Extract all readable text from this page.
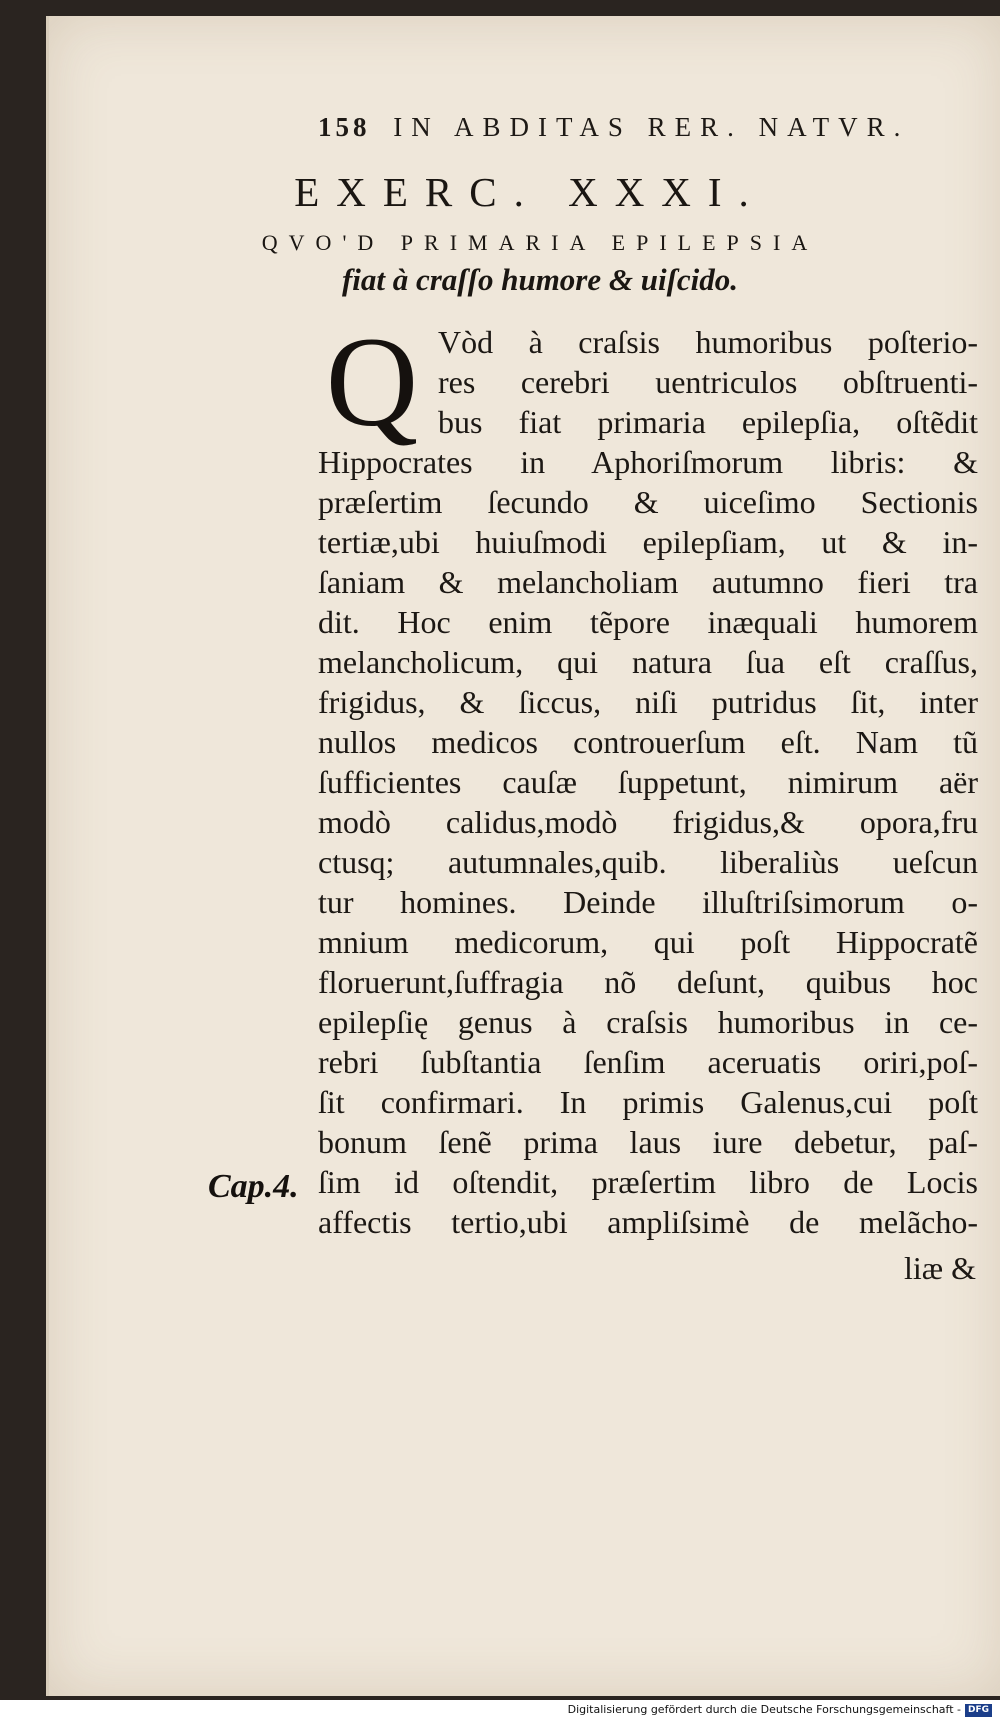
158 IN ABDITAS RER. NATVR.
EXERC. XXXI.
QVO'D PRIMARIA EPILEPSIA
fiat à craſſo humore & uiſcido.
Q Vòd à craſsis humoribus poſterio-
res cerebri uentriculos obſtruenti-
bus fiat primaria epilepſia, oſtẽdit
Hippocrates in Aphoriſmorum libris: &
præſertim ſecundo & uiceſimo Sectionis
tertiæ,ubi huiuſmodi epilepſiam, ut & in-
ſaniam & melancholiam autumno fieri tra
dit. Hoc enim tẽpore inæquali humorem
melancholicum, qui natura ſua eſt craſſus,
frigidus, & ſiccus, niſi putridus ſit, inter
nullos medicos controuerſum eſt. Nam tũ
ſufficientes cauſæ ſuppetunt, nimirum aër
modò calidus,modò frigidus,& opora,fru
ctusq; autumnales,quib. liberaliùs ueſcun
tur homines. Deinde illuſtriſsimorum o-
mnium medicorum, qui poſt Hippocratẽ
floruerunt,ſuffragia nõ deſunt, quibus hoc
epilepſię genus à craſsis humoribus in ce-
rebri ſubſtantia ſenſim aceruatis oriri,poſ-
ſit confirmari. In primis Galenus,cui poſt
bonum ſenẽ prima laus iure debetur, paſ-
ſim id oſtendit, præſertim libro de Locis
affectis tertio,ubi ampliſsimè de melãcho-
Cap.4.
liæ &
Digitalisierung gefördert durch die Deutsche Forschungsgemeinschaft - DFG
